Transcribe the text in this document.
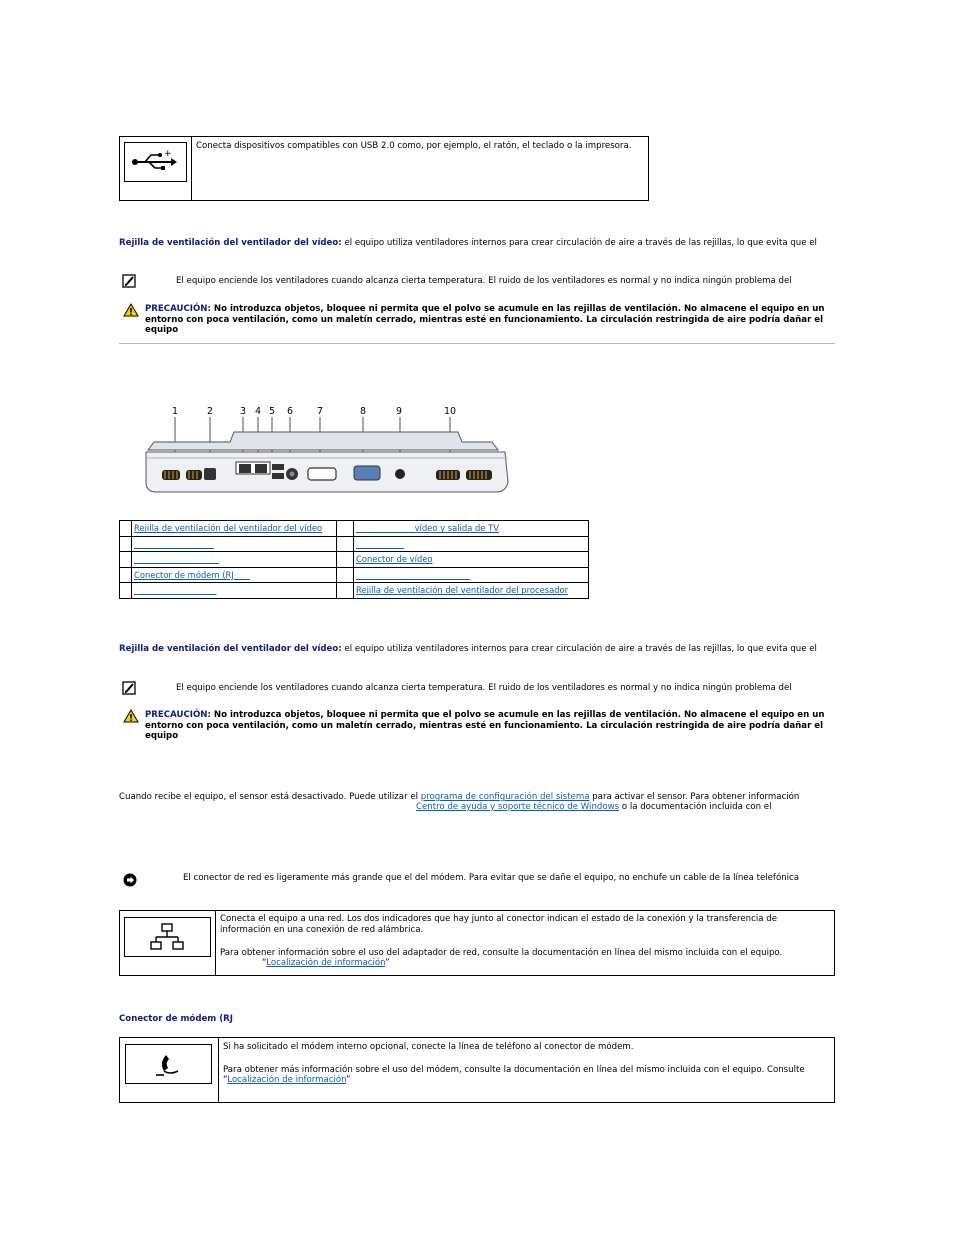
+
Conecta dispositivos compatibles con USB 2.0 como, por ejemplo, el ratón, el teclado o la impresora.
Rejilla de ventilación del ventilador del vídeo: el equipo utiliza ventiladores internos para crear circulación de aire a través de las rejillas, lo que evita que el
El equipo enciende los ventiladores cuando alcanza cierta temperatura. El ruido de los ventiladores es normal y no indica ningún problema del
PRECAUCIÓN: No introduzca objetos, bloquee ni permita que el polvo se acumule en las rejillas de ventilación. No almacene el equipo en un entorno con poca ventilación, como un maletín cerrado, mientras esté en funcionamiento. La circulación restringida de aire podría dañar el equipo
1	2	3 4 5 6	7	8	9	10
	Rejilla de ventilación del ventilador del vídeo		vídeo y salida de TV

			Conector de vídeo
	Conector de módem (RJ		
			Rejilla de ventilación del ventilador del procesador
Rejilla de ventilación del ventilador del vídeo: el equipo utiliza ventiladores internos para crear circulación de aire a través de las rejillas, lo que evita que el
El equipo enciende los ventiladores cuando alcanza cierta temperatura. El ruido de los ventiladores es normal y no indica ningún problema del
PRECAUCIÓN: No introduzca objetos, bloquee ni permita que el polvo se acumule en las rejillas de ventilación. No almacene el equipo en un entorno con poca ventilación, como un maletín cerrado, mientras esté en funcionamiento. La circulación restringida de aire podría dañar el equipo
Cuando recibe el equipo, el sensor está desactivado. Puede utilizar el programa de configuración del sistema para activar el sensor. Para obtener información
Centro de ayuda y soporte técnico de Windows o la documentación incluida con el
El conector de red es ligeramente más grande que el del módem. Para evitar que se dañe el equipo, no enchufe un cable de la línea telefónica
Conecta el equipo a una red. Los dos indicadores que hay junto al conector indican el estado de la conexión y la transferencia de información en una conexión de red alámbrica.
Para obtener información sobre el uso del adaptador de red, consulte la documentación en línea del mismo incluida con el equipo.
“Localización de información”
Conector de módem (RJ
Si ha solicitado el módem interno opcional, conecte la línea de teléfono al conector de módem.
Para obtener más información sobre el uso del módem, consulte la documentación en línea del mismo incluida con el equipo. Consulte
“Localización de información”
